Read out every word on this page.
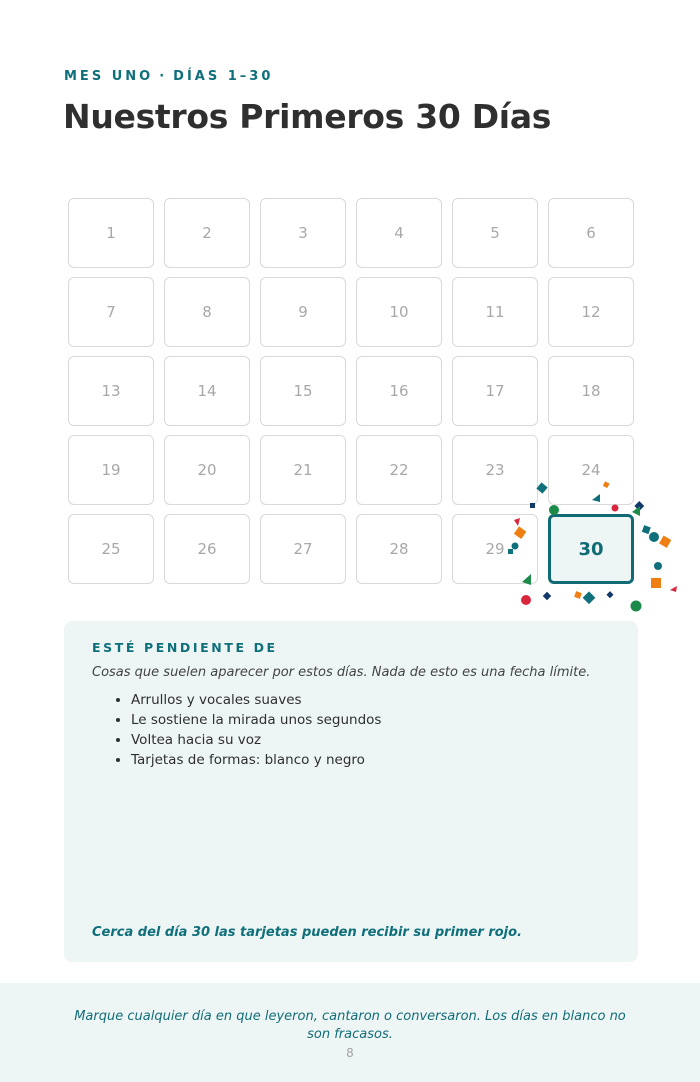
MES UNO · DÍAS 1–30
Nuestros Primeros 30 Días
1	2	3	4	5	6
7	8	9	10	11	12
13	14	15	16	17	18
19	20	21	22	23	24
25	26	27	28	29	30
ESTÉ PENDIENTE DE
Cosas que suelen aparecer por estos días. Nada de esto es una fecha límite.
• Arrullos y vocales suaves
• Le sostiene la mirada unos segundos
• Voltea hacia su voz
• Tarjetas de formas: blanco y negro
Cerca del día 30 las tarjetas pueden recibir su primer rojo.
Marque cualquier día en que leyeron, cantaron o conversaron. Los días en blanco no son fracasos.
8
